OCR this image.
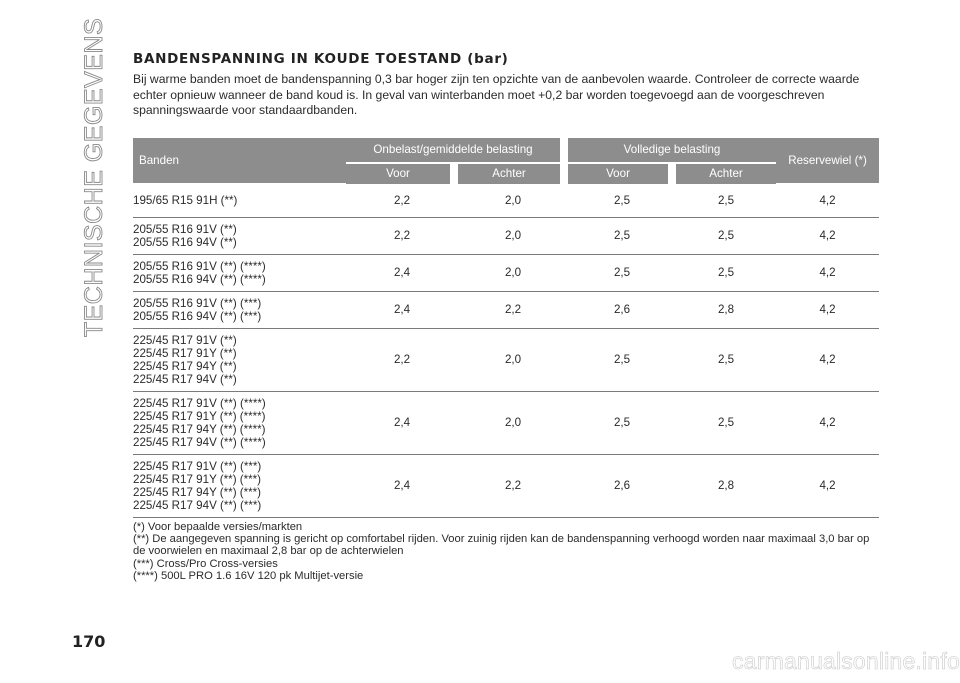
TECHNISCHE GEGEVENS BANDENSPANNING IN KOUDE TOESTAND (bar)

Bij warme banden moet de bandenspanning 0,3 bar hoger zijn ten opzichte van de aanbevolen waarde. Controleer de correcte waarde echter opnieuw wanneer de band koud is. In geval van winterbanden moet +0,2 bar worden toegevoegd aan de voorgeschreven spanningswaarde voor standaardbanden.

Banden	Onbelast/gemiddelde belasting				Volledige belasting			Reservewiel (*)
	Voor		Achter		Voor		Achter	
195/65 R15 91H (**)	2,2		2,0		2,5		2,5	4,2
205/55 R16 91V (**)
205/55 R16 94V (**)	2,2		2,0		2,5		2,5	4,2
205/55 R16 91V (**) (****)
205/55 R16 94V (**) (****)	2,4		2,0		2,5		2,5	4,2
205/55 R16 91V (**) (***)
205/55 R16 94V (**) (***)	2,4		2,2		2,6		2,8	4,2
225/45 R17 91V (**)
225/45 R17 91Y (**)
225/45 R17 94Y (**)
225/45 R17 94V (**)	2,2		2,0		2,5		2,5	4,2
225/45 R17 91V (**) (****)
225/45 R17 91Y (**) (****)
225/45 R17 94Y (**) (****)
225/45 R17 94V (**) (****)	2,4		2,0		2,5		2,5	4,2
225/45 R17 91V (**) (***)
225/45 R17 91Y (**) (***)
225/45 R17 94Y (**) (***)
225/45 R17 94V (**) (***)	2,4		2,2		2,6		2,8	4,2
(*) Voor bepaalde versies/markten
(**) De aangegeven spanning is gericht op comfortabel rijden. Voor zuinig rijden kan de bandenspanning verhoogd worden naar maximaal 3,0 bar op de voorwielen en maximaal 2,8 bar op de achterwielen
(***) Cross/Pro Cross-versies
(****) 500L PRO 1.6 16V 120 pk Multijet-versie
170
carmanualsonline.info
